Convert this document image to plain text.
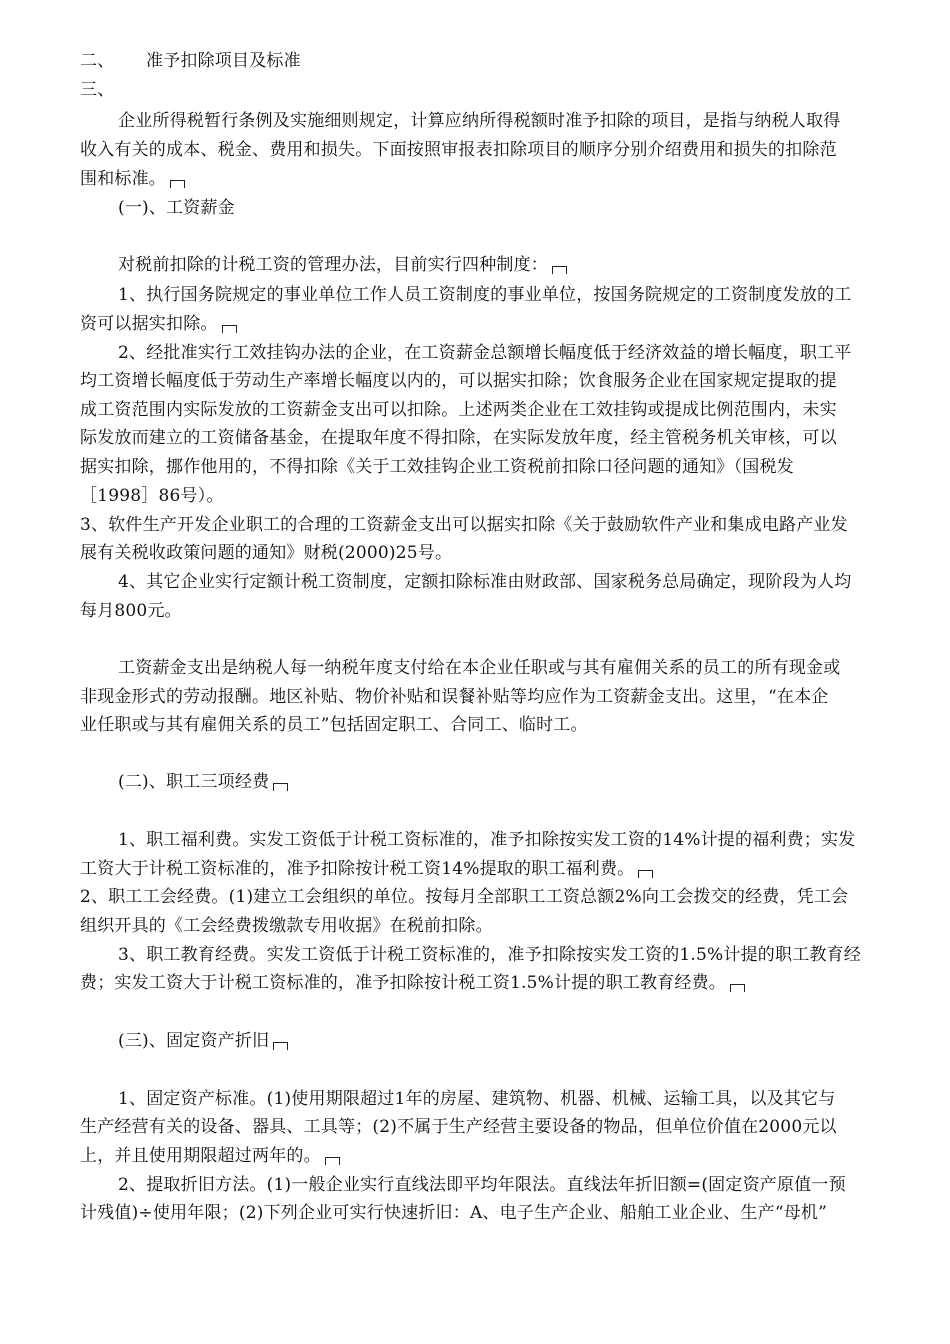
二、 准予扣除项目及标准
三、
企业所得税暂行条例及实施细则规定，计算应纳所得税额时准予扣除的项目，是指与纳税人取得
收入有关的成本、税金、费用和损失。下面按照审报表扣除项目的顺序分别介绍费用和损失的扣除范
围和标准。
(一)、工资薪金
对税前扣除的计税工资的管理办法，目前实行四种制度：
1、执行国务院规定的事业单位工作人员工资制度的事业单位，按国务院规定的工资制度发放的工
资可以据实扣除。
2、经批准实行工效挂钩办法的企业，在工资薪金总额增长幅度低于经济效益的增长幅度，职工平
均工资增长幅度低于劳动生产率增长幅度以内的，可以据实扣除；饮食服务企业在国家规定提取的提
成工资范围内实际发放的工资薪金支出可以扣除。上述两类企业在工效挂钩或提成比例范围内，未实
际发放而建立的工资储备基金，在提取年度不得扣除，在实际发放年度，经主管税务机关审核，可以
据实扣除，挪作他用的，不得扣除《关于工效挂钩企业工资税前扣除口径问题的通知》（国税发
［1998］86号）。
3、软件生产开发企业职工的合理的工资薪金支出可以据实扣除《关于鼓励软件产业和集成电路产业发
展有关税收政策问题的通知》财税(2000)25号。
4、其它企业实行定额计税工资制度，定额扣除标准由财政部、国家税务总局确定，现阶段为人均
每月800元。
工资薪金支出是纳税人每一纳税年度支付给在本企业任职或与其有雇佣关系的员工的所有现金或
非现金形式的劳动报酬。地区补贴、物价补贴和误餐补贴等均应作为工资薪金支出。这里，“在本企
业任职或与其有雇佣关系的员工”包括固定职工、合同工、临时工。
(二)、职工三项经费
1、职工福利费。实发工资低于计税工资标准的，准予扣除按实发工资的14%计提的福利费；实发
工资大于计税工资标准的，准予扣除按计税工资14%提取的职工福利费。
2、职工工会经费。(1)建立工会组织的单位。按每月全部职工工资总额2%向工会拨交的经费，凭工会
组织开具的《工会经费拨缴款专用收据》在税前扣除。
3、职工教育经费。实发工资低于计税工资标准的，准予扣除按实发工资的1.5%计提的职工教育经
费；实发工资大于计税工资标准的，准予扣除按计税工资1.5%计提的职工教育经费。
(三)、固定资产折旧
1、固定资产标准。(1)使用期限超过1年的房屋、建筑物、机器、机械、运输工具，以及其它与
生产经营有关的设备、器具、工具等；(2)不属于生产经营主要设备的物品，但单位价值在2000元以
上，并且使用期限超过两年的。
2、提取折旧方法。(1)一般企业实行直线法即平均年限法。直线法年折旧额=(固定资产原值一预
计残值)÷使用年限；(2)下列企业可实行快速折旧：A、电子生产企业、船舶工业企业、生产“母机”
